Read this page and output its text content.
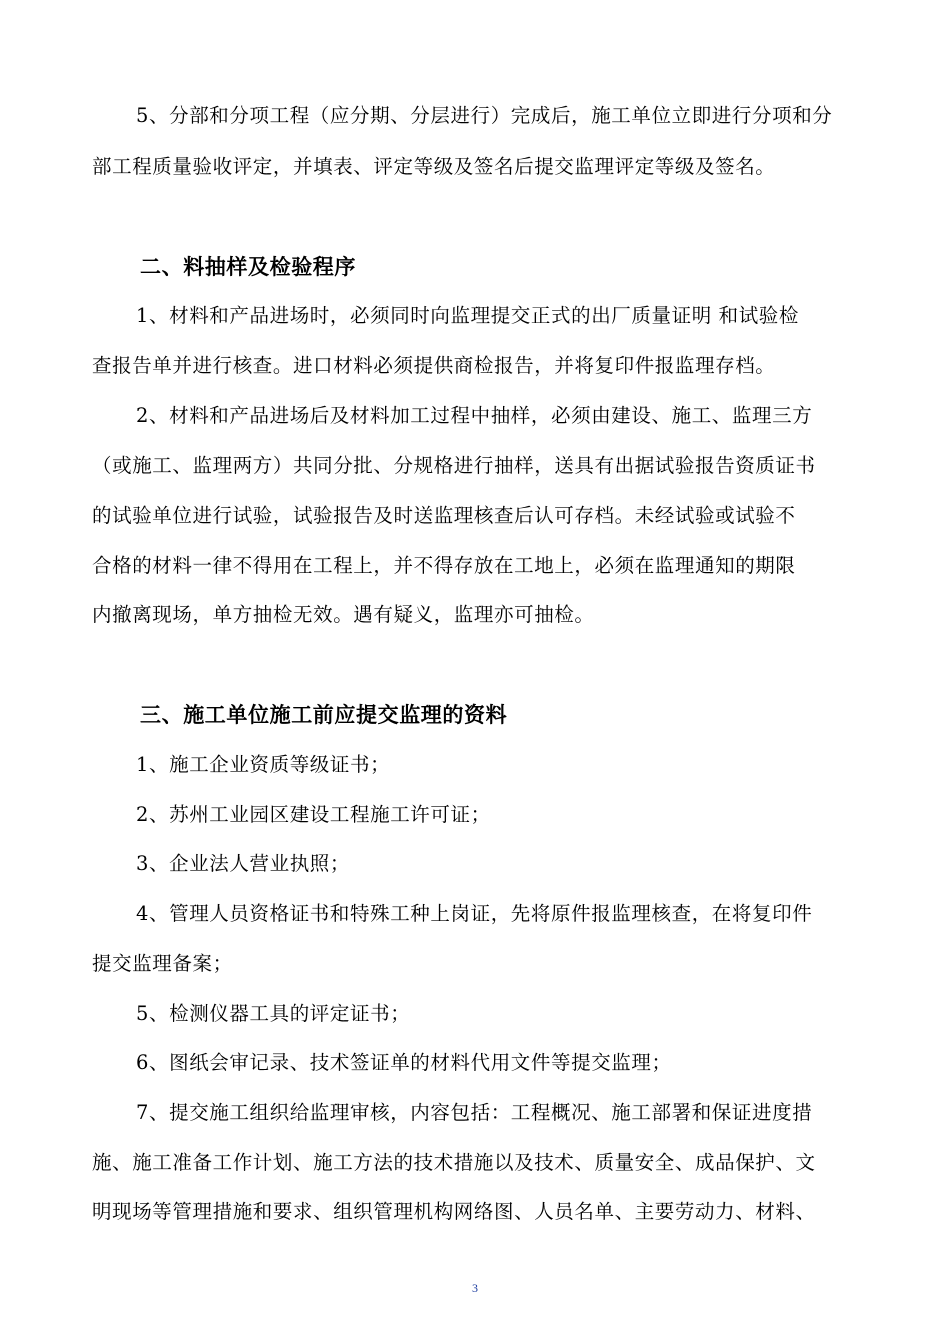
5、分部和分项工程（应分期、分层进行）完成后，施工单位立即进行分项和分
部工程质量验收评定，并填表、评定等级及签名后提交监理评定等级及签名。
二、料抽样及检验程序
1、材料和产品进场时，必须同时向监理提交正式的出厂质量证明 和试验检
查报告单并进行核查。进口材料必须提供商检报告，并将复印件报监理存档。
2、材料和产品进场后及材料加工过程中抽样，必须由建设、施工、监理三方
（或施工、监理两方）共同分批、分规格进行抽样，送具有出据试验报告资质证书
的试验单位进行试验，试验报告及时送监理核查后认可存档。未经试验或试验不
合格的材料一律不得用在工程上，并不得存放在工地上，必须在监理通知的期限
内撤离现场，单方抽检无效。遇有疑义，监理亦可抽检。
三、施工单位施工前应提交监理的资料
1、施工企业资质等级证书；
2、苏州工业园区建设工程施工许可证；
3、企业法人营业执照；
4、管理人员资格证书和特殊工种上岗证，先将原件报监理核查，在将复印件
提交监理备案；
5、检测仪器工具的评定证书；
6、图纸会审记录、技术签证单的材料代用文件等提交监理；
7、提交施工组织给监理审核，内容包括：工程概况、施工部署和保证进度措
施、施工准备工作计划、施工方法的技术措施以及技术、质量安全、成品保护、文
明现场等管理措施和要求、组织管理机构网络图、人员名单、主要劳动力、材料、
3
